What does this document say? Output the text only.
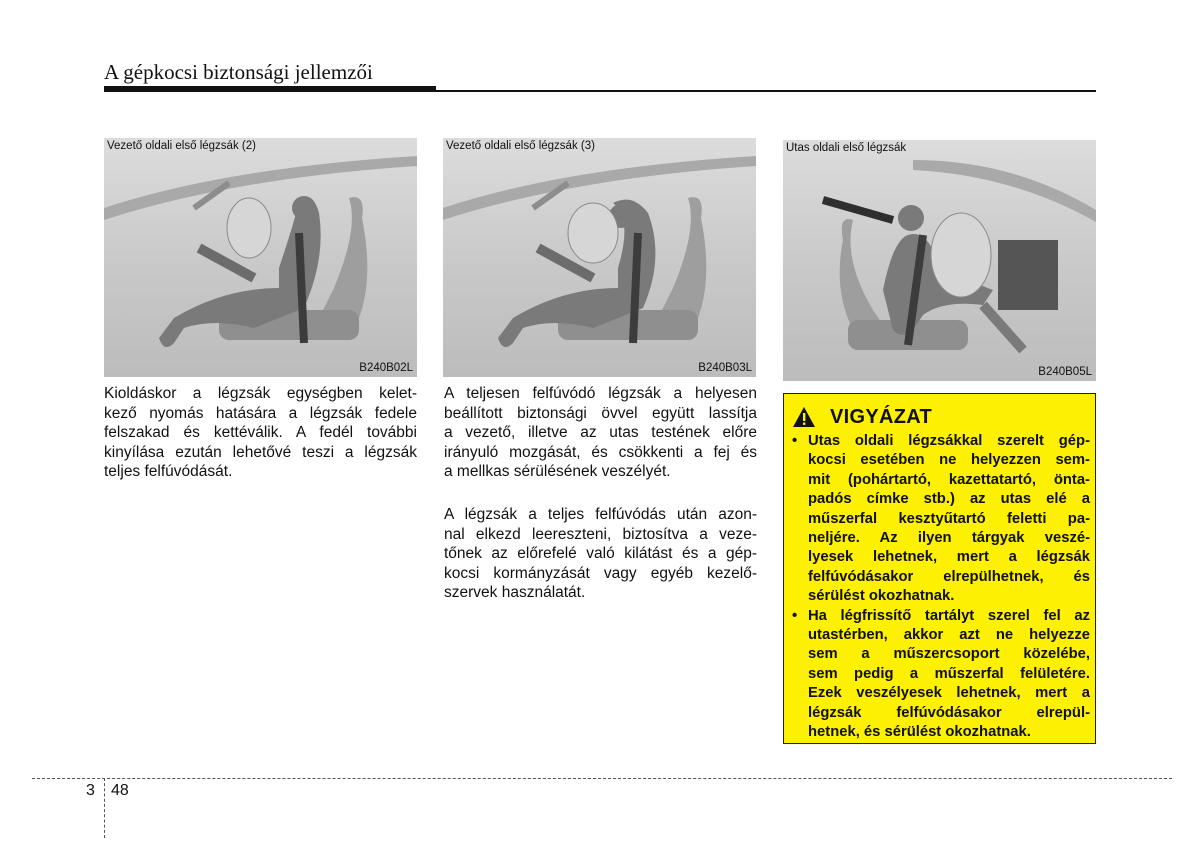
A gépkocsi biztonsági jellemzői
Vezető oldali első légzsák (2)
B240B02L
Vezető oldali első légzsák (3)
B240B03L
Utas oldali első légzsák
B240B05L
Kioldáskor a légzsák egységben kelet-
kező nyomás hatására a légzsák fedele
felszakad és kettéválik. A fedél további
kinyílása ezután lehetővé teszi a légzsák
teljes felfúvódását.
A teljesen felfúvódó légzsák a helyesen
beállított biztonsági övvel együtt lassítja
a vezető, illetve az utas testének előre
irányuló mozgását, és csökkenti a fej és
a mellkas sérülésének veszélyét.
A légzsák a teljes felfúvódás után azon-
nal elkezd leereszteni, biztosítva a veze-
tőnek az előrefelé való kilátást és a gép-
kocsi kormányzását vagy egyéb kezelő-
szervek használatát.
VIGYÁZAT
• Utas oldali légzsákkal szerelt gép-
kocsi esetében ne helyezzen sem-
mit (pohártartó, kazettatartó, önta-
padós címke stb.) az utas elé a
műszerfal kesztyűtartó feletti pa-
neljére. Az ilyen tárgyak veszé-
lyesek lehetnek, mert a légzsák
felfúvódásakor elrepülhetnek, és
sérülést okozhatnak.
• Ha légfrissítő tartályt szerel fel az
utastérben, akkor azt ne helyezze
sem a műszercsoport közelébe,
sem pedig a műszerfal felületére.
Ezek veszélyesek lehetnek, mert a
légzsák felfúvódásakor elrepül-
hetnek, és sérülést okozhatnak.
3 48
